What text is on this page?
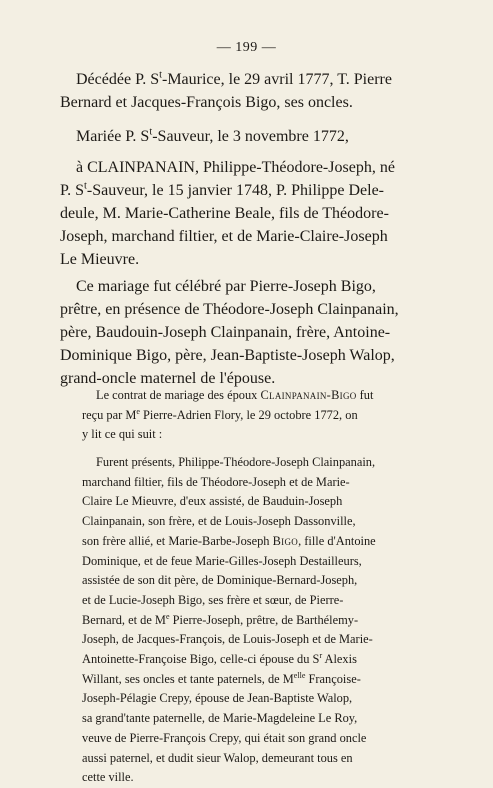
— 199 —
Décédée P. $S^t$-Maurice, le 29 avril 1777, T. Pierre
Bernard et Jacques-François Bigo, ses oncles.
Mariée P. $S^t$-Sauveur, le 3 novembre 1772,
à CLAINPANAIN, Philippe-Théodore-Joseph, né
P. $S^t$-Sauveur, le 15 janvier 1748, P. Philippe Dele-
deule, M. Marie-Catherine Beale, fils de Théodore-
Joseph, marchand filtier, et de Marie-Claire-Joseph
Le Mieuvre.
Ce mariage fut célébré par Pierre-Joseph Bigo,
prêtre, en présence de Théodore-Joseph Clainpanain,
père, Baudouin-Joseph Clainpanain, frère, Antoine-
Dominique Bigo, père, Jean-Baptiste-Joseph Walop,
grand-oncle maternel de l'épouse.
Le contrat de mariage des époux Clainpanain-Bigo fut
reçu par Me Pierre-Adrien Flory, le 29 octobre 1772, on
y lit ce qui suit :
Furent présents, Philippe-Théodore-Joseph Clainpanain,
marchand filtier, fils de Théodore-Joseph et de Marie-
Claire Le Mieuvre, d'eux assisté, de Bauduin-Joseph
Clainpanain, son frère, et de Louis-Joseph Dassonville,
son frère allié, et Marie-Barbe-Joseph Bigo, fille d'Antoine
Dominique, et de feue Marie-Gilles-Joseph Destailleurs,
assistée de son dit père, de Dominique-Bernard-Joseph,
et de Lucie-Joseph Bigo, ses frère et sœur, de Pierre-
Bernard, et de Me Pierre-Joseph, prêtre, de Barthélemy-
Joseph, de Jacques-François, de Louis-Joseph et de Marie-
Antoinette-Françoise Bigo, celle-ci épouse du $S^r$ Alexis
Willant, ses oncles et tante paternels, de $M^{elle}$ Françoise-
Joseph-Pélagie Crepy, épouse de Jean-Baptiste Walop,
sa grand'tante paternelle, de Marie-Magdeleine Le Roy,
veuve de Pierre-François Crepy, qui était son grand oncle
aussi paternel, et dudit sieur Walop, demeurant tous en
cette ville.
